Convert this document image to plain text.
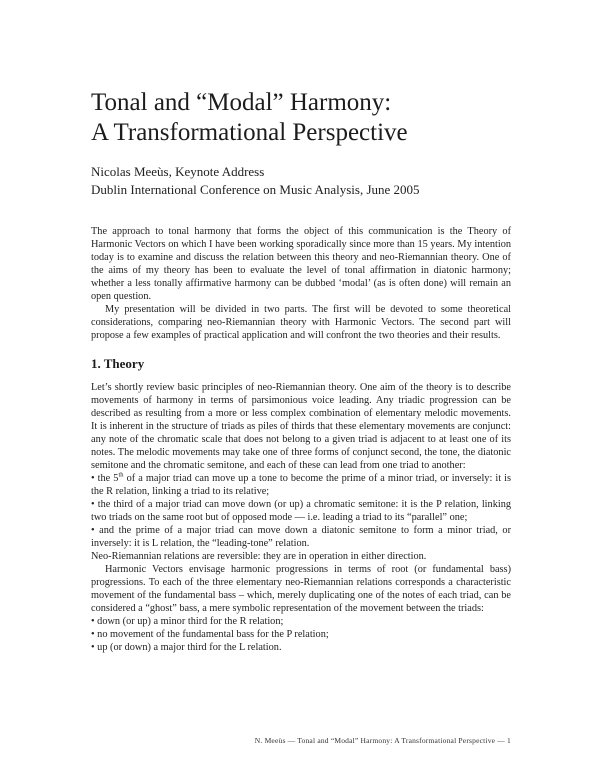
Tonal and “Modal” Harmony:
A Transformational Perspective
Nicolas Meeùs, Keynote Address
Dublin International Conference on Music Analysis, June 2005

The approach to tonal harmony that forms the object of this communication is the Theory of Harmonic Vectors on which I have been working sporadically since more than 15 years. My intention today is to examine and discuss the relation between this theory and neo-Riemannian theory. One of the aims of my theory has been to evaluate the level of tonal affirmation in diatonic harmony; whether a less tonally affirmative harmony can be dubbed ‘modal’ (as is often done) will remain an open question.

My presentation will be divided in two parts. The first will be devoted to some theoretical considerations, comparing neo-Riemannian theory with Harmonic Vectors. The second part will propose a few examples of practical application and will confront the two theories and their results.

1. Theory

Let’s shortly review basic principles of neo-Riemannian theory. One aim of the theory is to describe movements of harmony in terms of parsimonious voice leading. Any triadic progression can be described as resulting from a more or less complex combination of elementary melodic movements. It is inherent in the structure of triads as piles of thirds that these elementary movements are conjunct: any note of the chromatic scale that does not belong to a given triad is adjacent to at least one of its notes. The melodic movements may take one of three forms of conjunct second, the tone, the diatonic semitone and the chromatic semitone, and each of these can lead from one triad to another:

• the 5th of a major triad can move up a tone to become the prime of a minor triad, or inversely: it is the R relation, linking a triad to its relative;

• the third of a major triad can move down (or up) a chromatic semitone: it is the P relation, linking two triads on the same root but of opposed mode — i.e. leading a triad to its “parallel” one;

• and the prime of a major triad can move down a diatonic semitone to form a minor triad, or inversely: it is L relation, the “leading-tone” relation.

Neo-Riemannian relations are reversible: they are in operation in either direction.

Harmonic Vectors envisage harmonic progressions in terms of root (or fundamental bass) progressions. To each of the three elementary neo-Riemannian relations corresponds a characteristic movement of the fundamental bass – which, merely duplicating one of the notes of each triad, can be considered a “ghost” bass, a mere symbolic representation of the movement between the triads:

• down (or up) a minor third for the R relation;

• no movement of the fundamental bass for the P relation;

• up (or down) a major third for the L relation.

N. Meeùs — Tonal and “Modal” Harmony: A Transformational Perspective — 1
